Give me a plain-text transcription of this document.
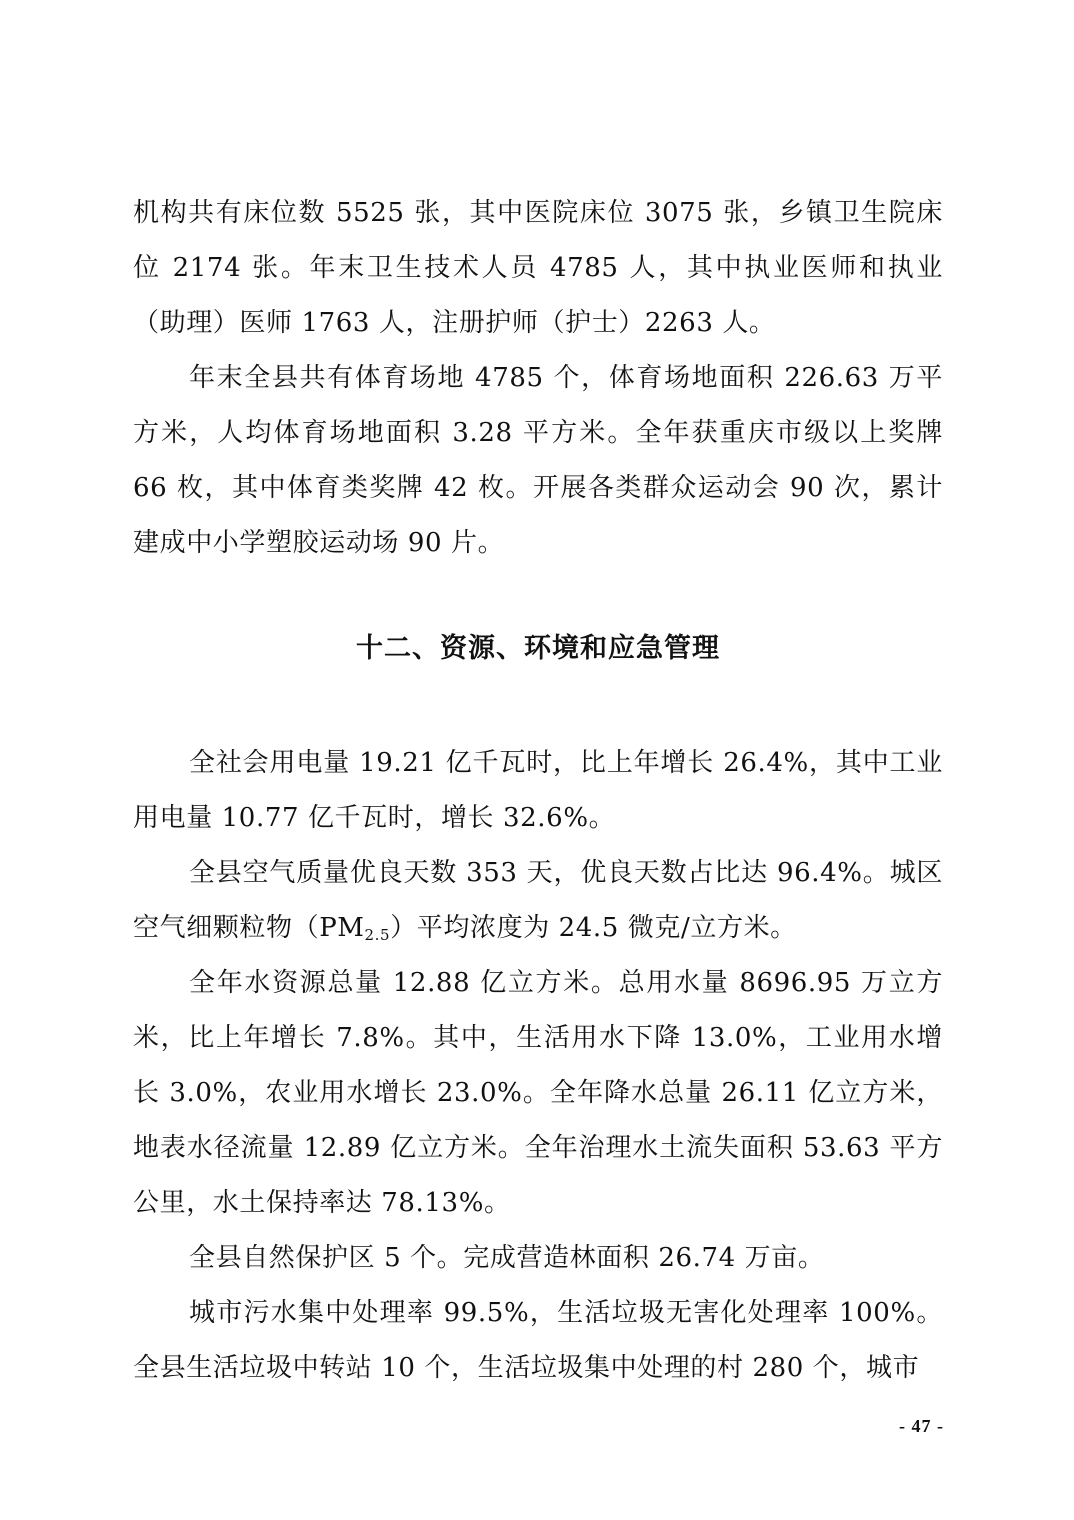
机构共有床位数 5525 张，其中医院床位 3075 张，乡镇卫生院床位 2174 张。年末卫生技术人员 4785 人，其中执业医师和执业（助理）医师 1763 人，注册护师（护士）2263 人。

年末全县共有体育场地 4785 个，体育场地面积 226.63 万平方米，人均体育场地面积 3.28 平方米。全年获重庆市级以上奖牌 66 枚，其中体育类奖牌 42 枚。开展各类群众运动会 90 次，累计建成中小学塑胶运动场 90 片。

十二、资源、环境和应急管理

全社会用电量 19.21 亿千瓦时，比上年增长 26.4%，其中工业用电量 10.77 亿千瓦时，增长 32.6%。

全县空气质量优良天数 353 天，优良天数占比达 96.4%。城区空气细颗粒物$(PM_{2.5})$平均浓度为 24.5 微克/立方米。

全年水资源总量 12.88 亿立方米。总用水量 8696.95 万立方米，比上年增长 7.8%。其中，生活用水下降 13.0%，工业用水增长 3.0%，农业用水增长 23.0%。全年降水总量 26.11 亿立方米，地表水径流量 12.89 亿立方米。全年治理水土流失面积 53.63 平方公里，水土保持率达 78.13%。

全县自然保护区 5 个。完成营造林面积 26.74 万亩。

城市污水集中处理率 99.5%，生活垃圾无害化处理率 100%。全县生活垃圾中转站 10 个，生活垃圾集中处理的村 280 个，城市

- 47 -
